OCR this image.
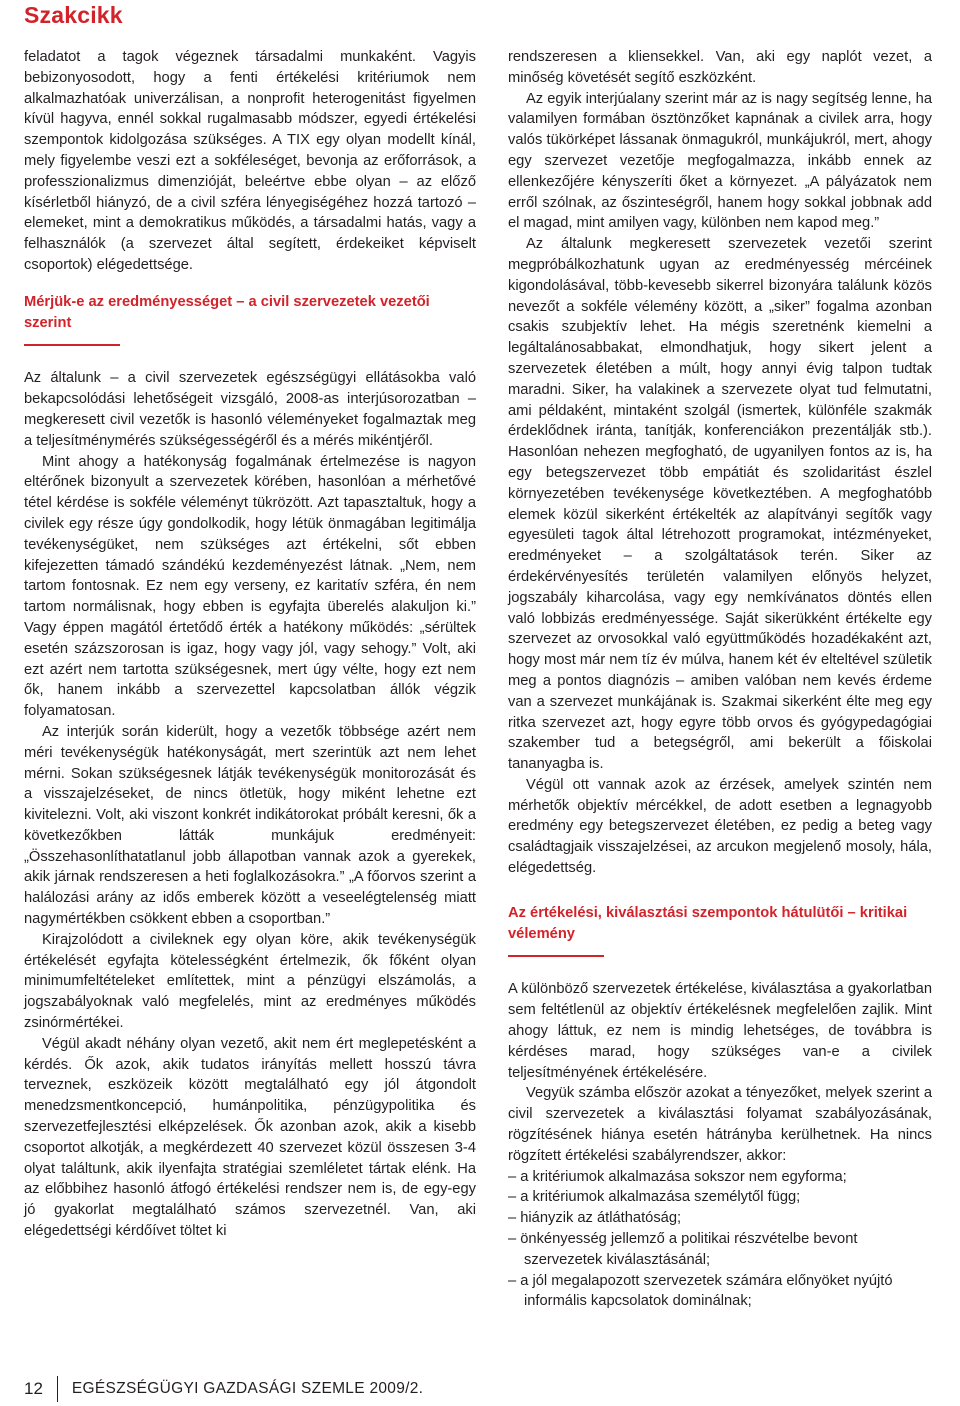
Szakcikk

feladatot a tagok végeznek társadalmi munkaként. Vagyis bebizonyosodott, hogy a fenti értékelési kritériumok nem alkalmazhatóak univerzálisan, a nonprofit heterogenitást figyelmen kívül hagyva, ennél sokkal rugalmasabb módszer, egyedi értékelési szempontok kidolgozása szükséges. A TIX egy olyan modellt kínál, mely figyelembe veszi ezt a sokféleséget, bevonja az erőforrások, a professzionalizmus dimenzióját, beleértve ebbe olyan – az előző kísérletből hiányzó, de a civil szféra lényegiségéhez hozzá tartozó – elemeket, mint a demokratikus működés, a társadalmi hatás, vagy a felhasználók (a szervezet által segített, érdekeiket képviselt csoportok) elégedettsége.

Mérjük-e az eredményességet – a civil szervezetek vezetői szerint

Az általunk – a civil szervezetek egészségügyi ellátásokba való bekapcsolódási lehetőségeit vizsgáló, 2008-as interjúsorozatban – megkeresett civil vezetők is hasonló véleményeket fogalmaztak meg a teljesítménymérés szükségességéről és a mérés mikéntjéről.

Mint ahogy a hatékonyság fogalmának értelmezése is nagyon eltérőnek bizonyult a szervezetek körében, hasonlóan a mérhetővé tétel kérdése is sokféle véleményt tükrözött. Azt tapasztaltuk, hogy a civilek egy része úgy gondolkodik, hogy létük önmagában legitimálja tevékenységüket, nem szükséges azt értékelni, sőt ebben kifejezetten támadó szándékú kezdeményezést látnak. „Nem, nem tartom fontosnak. Ez nem egy verseny, ez karitatív szféra, én nem tartom normálisnak, hogy ebben is egyfajta überelés alakuljon ki.” Vagy éppen magától értetődő érték a hatékony működés: „sérültek esetén százszorosan is igaz, hogy vagy jól, vagy sehogy.” Volt, aki ezt azért nem tartotta szükségesnek, mert úgy vélte, hogy ezt nem ők, hanem inkább a szervezettel kapcsolatban állók végzik folyamatosan.

Az interjúk során kiderült, hogy a vezetők többsége azért nem méri tevékenységük hatékonyságát, mert szerintük azt nem lehet mérni. Sokan szükségesnek látják tevékenységük monitorozását és a visszajelzéseket, de nincs ötletük, hogy miként lehetne ezt kivitelezni. Volt, aki viszont konkrét indikátorokat próbált keresni, ők a következőkben látták munkájuk eredményeit: „Összehasonlíthatatlanul jobb állapotban vannak azok a gyerekek, akik járnak rendszeresen a heti foglalkozásokra.” „A főorvos szerint a halálozási arány az idős emberek között a veseelégtelenség miatt nagymértékben csökkent ebben a csoportban.”

Kirajzolódott a civileknek egy olyan köre, akik tevékenységük értékelését egyfajta kötelességként értelmezik, ők főként olyan minimumfeltételeket említettek, mint a pénzügyi elszámolás, a jogszabályoknak való megfelelés, mint az eredményes működés zsinórmértékei.

Végül akadt néhány olyan vezető, akit nem ért meglepetésként a kérdés. Ők azok, akik tudatos irányítás mellett hosszú távra terveznek, eszközeik között megtalálható egy jól átgondolt menedzsmentkoncepció, humánpolitika, pénzügypolitika és szervezetfejlesztési elképzelések. Ők azonban azok, akik a kisebb csoportot alkotják, a megkérdezett 40 szervezet közül összesen 3-4 olyat találtunk, akik ilyenfajta stratégiai szemléletet tártak elénk. Ha az előbbihez hasonló átfogó értékelési rendszer nem is, de egy-egy jó gyakorlat megtalálható számos szervezetnél. Van, aki elégedettségi kérdőívet töltet ki

rendszeresen a kliensekkel. Van, aki egy naplót vezet, a minőség követését segítő eszközként.

Az egyik interjúalany szerint már az is nagy segítség lenne, ha valamilyen formában ösztönzőket kapnának a civilek arra, hogy valós tükörképet lássanak önmagukról, munkájukról, mert, ahogy egy szervezet vezetője megfogalmazza, inkább ennek az ellenkezőjére kényszeríti őket a környezet. „A pályázatok nem erről szólnak, az őszinteségről, hanem hogy sokkal jobbnak add el magad, mint amilyen vagy, különben nem kapod meg.”

Az általunk megkeresett szervezetek vezetői szerint megpróbálkozhatunk ugyan az eredményesség mércéinek kigondolásával, több-kevesebb sikerrel bizonyára találunk közös nevezőt a sokféle vélemény között, a „siker” fogalma azonban csakis szubjektív lehet. Ha mégis szeretnénk kiemelni a legáltalánosabbakat, elmondhatjuk, hogy sikert jelent a szervezetek életében a múlt, hogy annyi évig talpon tudtak maradni. Siker, ha valakinek a szervezete olyat tud felmutatni, ami példaként, mintaként szolgál (ismertek, különféle szakmák érdeklődnek iránta, tanítják, konferenciákon prezentálják stb.). Hasonlóan nehezen megfogható, de ugyanilyen fontos az is, ha egy betegszervezet több empátiát és szolidaritást észlel környezetében tevékenysége következtében. A megfoghatóbb elemek közül sikerként értékelték az alapítványi segítők vagy egyesületi tagok által létrehozott programokat, intézményeket, eredményeket – a szolgáltatások terén. Siker az érdekérvényesítés területén valamilyen előnyös helyzet, jogszabály kiharcolása, vagy egy nemkívánatos döntés ellen való lobbizás eredményessége. Saját sikerükként értékelte egy szervezet az orvosokkal való együttműködés hozadékaként azt, hogy most már nem tíz év múlva, hanem két év elteltével születik meg a pontos diagnózis – amiben valóban nem kevés érdeme van a szervezet munkájának is. Szakmai sikerként élte meg egy ritka szervezet azt, hogy egyre több orvos és gyógypedagógiai szakember tud a betegségről, ami bekerült a főiskolai tananyagba is.

Végül ott vannak azok az érzések, amelyek szintén nem mérhetők objektív mércékkel, de adott esetben a legnagyobb eredmény egy betegszervezet életében, ez pedig a beteg vagy családtagjaik visszajelzései, az arcukon megjelenő mosoly, hála, elégedettség.

Az értékelési, kiválasztási szempontok hátulütői – kritikai vélemény

A különböző szervezetek értékelése, kiválasztása a gyakorlatban sem feltétlenül az objektív értékelésnek megfelelően zajlik. Mint ahogy láttuk, ez nem is mindig lehetséges, de továbbra is kérdéses marad, hogy szükséges van-e a civilek teljesítményének értékelésére.

Vegyük számba először azokat a tényezőket, melyek szerint a civil szervezetek a kiválasztási folyamat szabályozásának, rögzítésének hiánya esetén hátrányba kerülhetnek. Ha nincs rögzített értékelési szabályrendszer, akkor:

– a kritériumok alkalmazása sokszor nem egyforma;
– a kritériumok alkalmazása személytől függ;
– hiányzik az átláthatóság;
– önkényesség jellemző a politikai részvételbe bevont szervezetek kiválasztásánál;
– a jól megalapozott szervezetek számára előnyöket nyújtó informális kapcsolatok dominálnak;
12 EGÉSZSÉGÜGYI GAZDASÁGI SZEMLE 2009/2.
